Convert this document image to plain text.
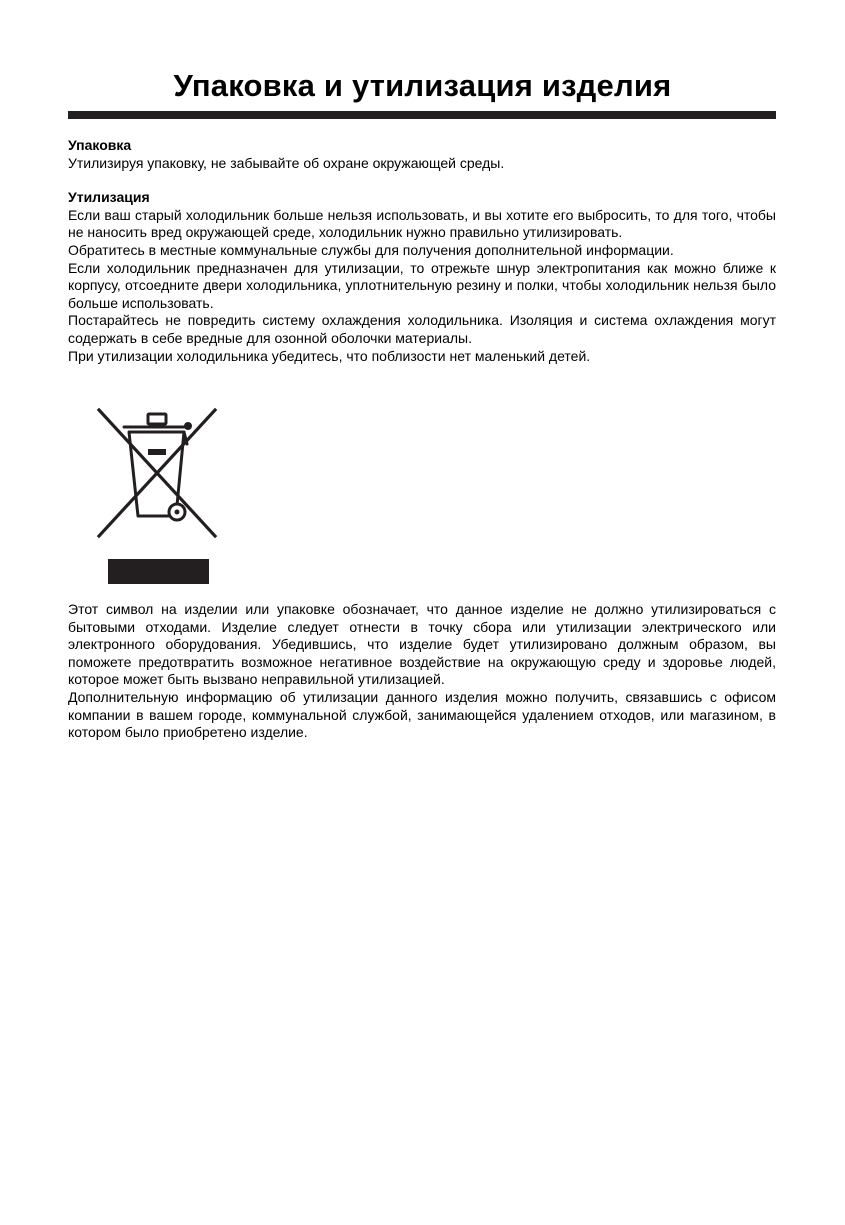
Упаковка и утилизация изделия
Упаковка

Утилизируя упаковку, не забывайте об охране окружающей среды.

Утилизация

Если ваш старый холодильник больше нельзя использовать, и вы хотите его выбросить, то для того, чтобы не наносить вред окружающей среде, холодильник нужно правильно утилизировать.

Обратитесь в местные коммунальные службы для получения дополнительной информации.

Если холодильник предназначен для утилизации, то отрежьте шнур электропитания как можно ближе к корпусу, отсоедните двери холодильника, уплотнительную резину и полки, чтобы холодильник нельзя было больше использовать.

Постарайтесь не повредить систему охлаждения холодильника. Изоляция и система охлаждения могут содержать в себе вредные для озонной оболочки материалы.

При утилизации холодильника убедитесь, что поблизости нет маленький детей.

Этот символ на изделии или упаковке обозначает, что данное изделие не должно утилизироваться с бытовыми отходами. Изделие следует отнести в точку сбора или утилизации электрического или электронного оборудования. Убедившись, что изделие будет утилизировано должным образом, вы поможете предотвратить возможное негативное воздействие на окружающую среду и здоровье людей, которое может быть вызвано неправильной утилизацией.

Дополнительную информацию об утилизации данного изделия можно получить, связавшись с офисом компании в вашем городе, коммунальной службой, занимающейся удалением отходов, или магазином, в котором было приобретено изделие.
